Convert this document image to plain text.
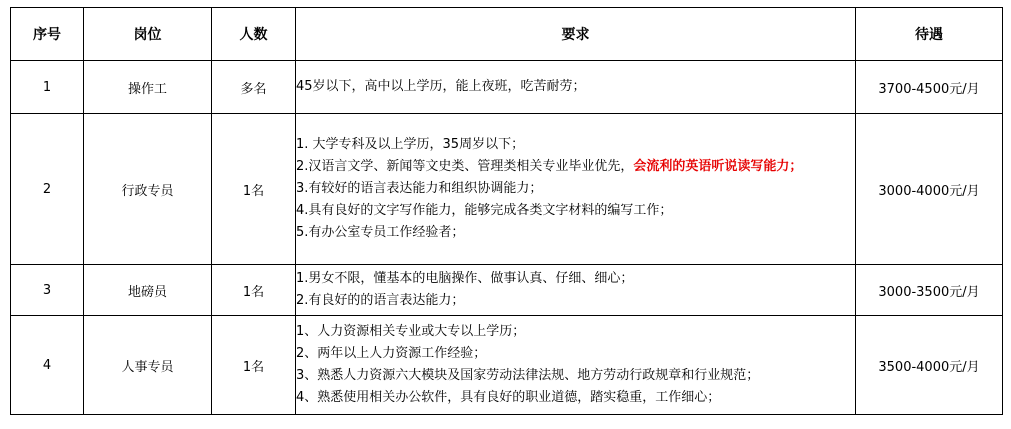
序号	岗位	人数	要求	待遇
1	操作工	多名	45岁以下，高中以上学历，能上夜班，吃苦耐劳；	3700-4500元/月
2	行政专员	1名	1. 大学专科及以上学历，35周岁以下；
2.汉语言文学、新闻等文史类、管理类相关专业毕业优先，会流利的英语听说读写能力；
3.有较好的语言表达能力和组织协调能力；
4.具有良好的文字写作能力，能够完成各类文字材料的编写工作；
5.有办公室专员工作经验者；	3000-4000元/月
3	地磅员	1名	1.男女不限，懂基本的电脑操作、做事认真、仔细、细心；
2.有良好的的语言表达能力；	3000-3500元/月
4	人事专员	1名	1、人力资源相关专业或大专以上学历；
2、两年以上人力资源工作经验；
3、熟悉人力资源六大模块及国家劳动法律法规、地方劳动行政规章和行业规范；
4、熟悉使用相关办公软件，具有良好的职业道德，踏实稳重，工作细心；	3500-4000元/月
